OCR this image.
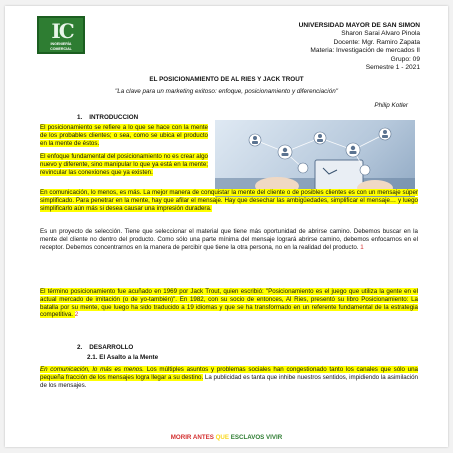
IC
INGENIERÍA
COMERCIAL
UNIVERSIDAD MAYOR DE SAN SIMON
Sharon Sarai Alvaro Pinola
Docente: Mgr. Ramiro Zapata
Materia: Investigación de mercados II
Grupo: 09
Semestre 1 - 2021
EL POSICIONAMIENTO DE AL RIES Y JACK TROUT
"La clave para un marketing exitoso: enfoque, posicionamiento y diferenciación"
Philip Kotler
1.    INTRODUCCION
El posicionamiento se refiere a lo que se hace con la mente de los probables clientes; o sea, como se ubica el producto en la mente de éstos.
El enfoque fundamental del posicionamiento no es crear algo nuevo y diferente, sino manipular lo que ya está en la mente; revincular las conexiones que ya existen.
En comunicación, lo menos, es más. La mejor manera de conquistar la mente del cliente o de posibles clientes es con un mensaje súper simplificado. Para penetrar en la mente, hay que afilar el mensaje. Hay que desechar las ambigüedades, simplificar el mensaje… y luego simplificarlo aún más si desea causar una impresión duradera.
Es un proyecto de selección. Tiene que seleccionar el material que tiene más oportunidad de abrirse camino. Debemos buscar en la mente del cliente no dentro del producto. Como sólo una parte mínima del mensaje logrará abrirse camino, debemos enfocarnos en el receptor. Debemos concentrarnos en la manera de percibir que tiene la otra persona, no en la realidad del producto. 1
El término posicionamiento fue acuñado en 1969 por Jack Trout, quien escribió: "Posicionamiento es el juego que utiliza la gente en el actual mercado de imitación (o de yo-también)". En 1982, con su socio de entonces, Al Ries, presentó su libro Posicionamiento: La batalla por su mente, que luego ha sido traducido a 19 idiomas y que se ha transformado en un referente fundamental de la estrategia competitiva. 2
2.    DESARROLLO
2.1. El Asalto a la Mente
En comunicación, lo más es menos. Los múltiples asuntos y problemas sociales han congestionado tanto los canales que sólo una pequeña fracción de los mensajes logra llegar a su destino. La publicidad es tanta que inhibe nuestros sentidos, impidiendo la asimilación de los mensajes.
MORIR ANTES QUE ESCLAVOS VIVIR
